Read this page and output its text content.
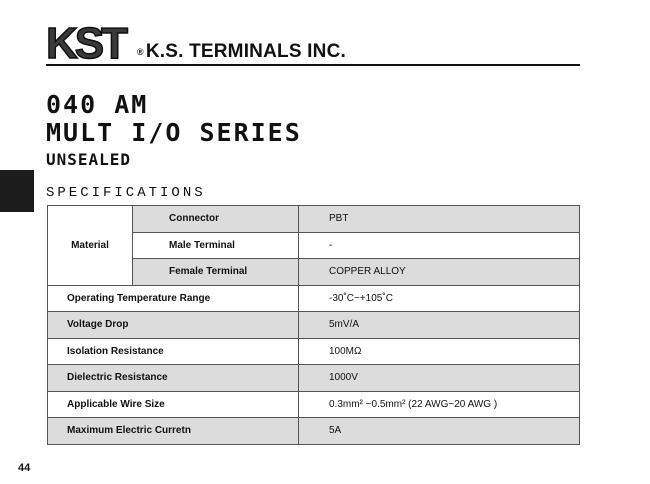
KST	® K.S. TERMINALS INC.
040 AM
MULT I/O SERIES
UNSEALED
SPECIFICATIONS
Material	Connector	PBT
	Male Terminal	-
	Female Terminal	COPPER ALLOY
Operating Temperature Range		-30˚C~+105˚C
Voltage Drop		5mV/A
Isolation Resistance		100MΩ
Dielectric Resistance		1000V
Applicable Wire Size		0.3mm² ~0.5mm² (22 AWG~20 AWG )
Maximum Electric Curretn		5A
44
